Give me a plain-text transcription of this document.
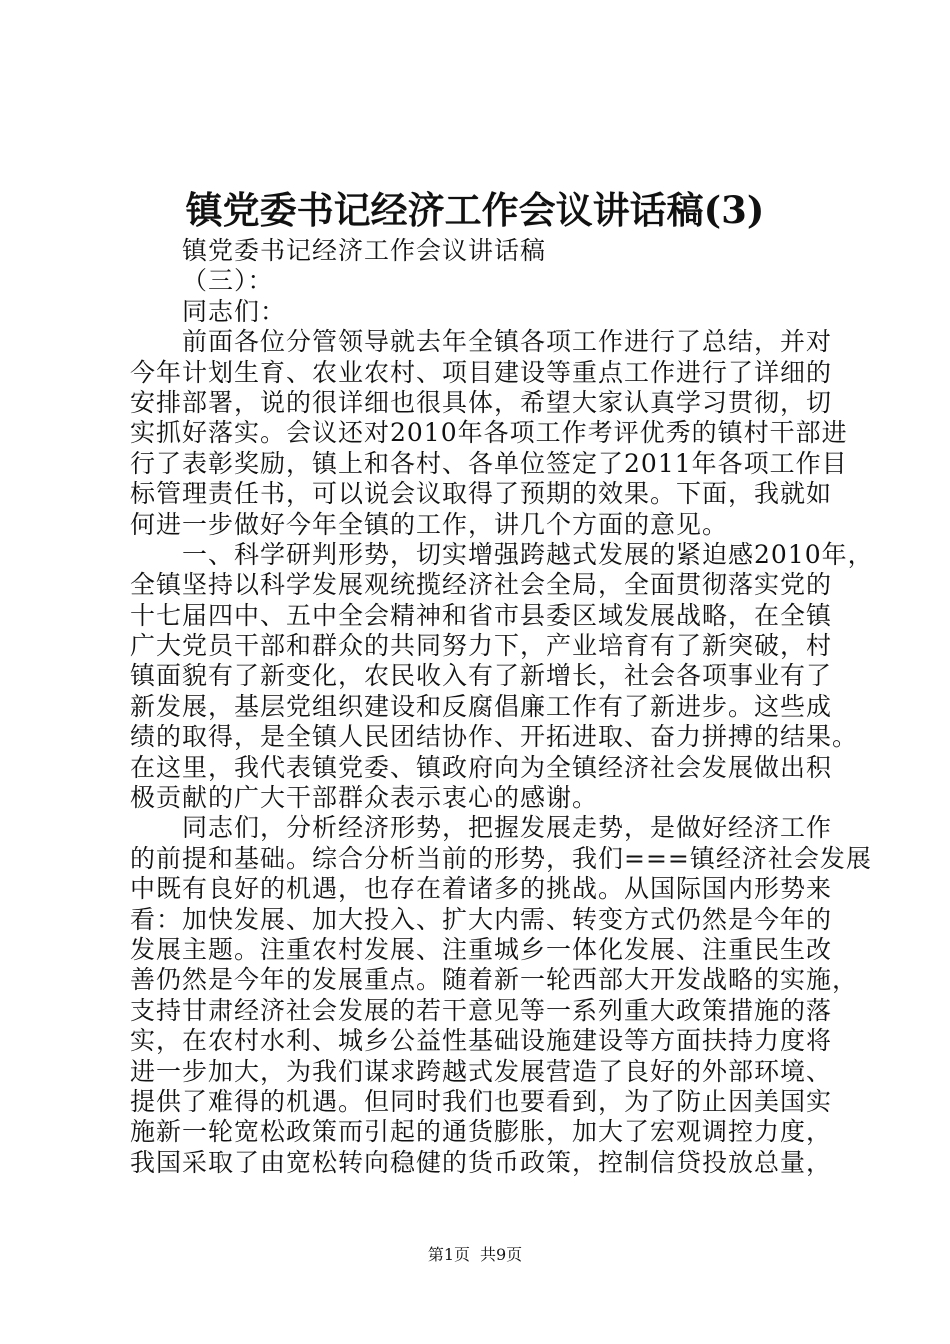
镇党委书记经济工作会议讲话稿(3)
镇党委书记经济工作会议讲话稿
（三）：
同志们：
前面各位分管领导就去年全镇各项工作进行了总结，并对
今年计划生育、农业农村、项目建设等重点工作进行了详细的
安排部署，说的很详细也很具体，希望大家认真学习贯彻，切
实抓好落实。会议还对2010年各项工作考评优秀的镇村干部进
行了表彰奖励，镇上和各村、各单位签定了2011年各项工作目
标管理责任书，可以说会议取得了预期的效果。下面，我就如
何进一步做好今年全镇的工作，讲几个方面的意见。
一、科学研判形势，切实增强跨越式发展的紧迫感2010年，
全镇坚持以科学发展观统揽经济社会全局，全面贯彻落实党的
十七届四中、五中全会精神和省市县委区域发展战略，在全镇
广大党员干部和群众的共同努力下，产业培育有了新突破，村
镇面貌有了新变化，农民收入有了新增长，社会各项事业有了
新发展，基层党组织建设和反腐倡廉工作有了新进步。这些成
绩的取得，是全镇人民团结协作、开拓进取、奋力拼搏的结果。
在这里，我代表镇党委、镇政府向为全镇经济社会发展做出积
极贡献的广大干部群众表示衷心的感谢。
同志们，分析经济形势，把握发展走势，是做好经济工作
的前提和基础。综合分析当前的形势，我们===镇经济社会发展
中既有良好的机遇，也存在着诸多的挑战。从国际国内形势来
看：加快发展、加大投入、扩大内需、转变方式仍然是今年的
发展主题。注重农村发展、注重城乡一体化发展、注重民生改
善仍然是今年的发展重点。随着新一轮西部大开发战略的实施，
支持甘肃经济社会发展的若干意见等一系列重大政策措施的落
实，在农村水利、城乡公益性基础设施建设等方面扶持力度将
进一步加大，为我们谋求跨越式发展营造了良好的外部环境、
提供了难得的机遇。但同时我们也要看到，为了防止因美国实
施新一轮宽松政策而引起的通货膨胀，加大了宏观调控力度，
我国采取了由宽松转向稳健的货币政策，控制信贷投放总量，
第1页 共9页
